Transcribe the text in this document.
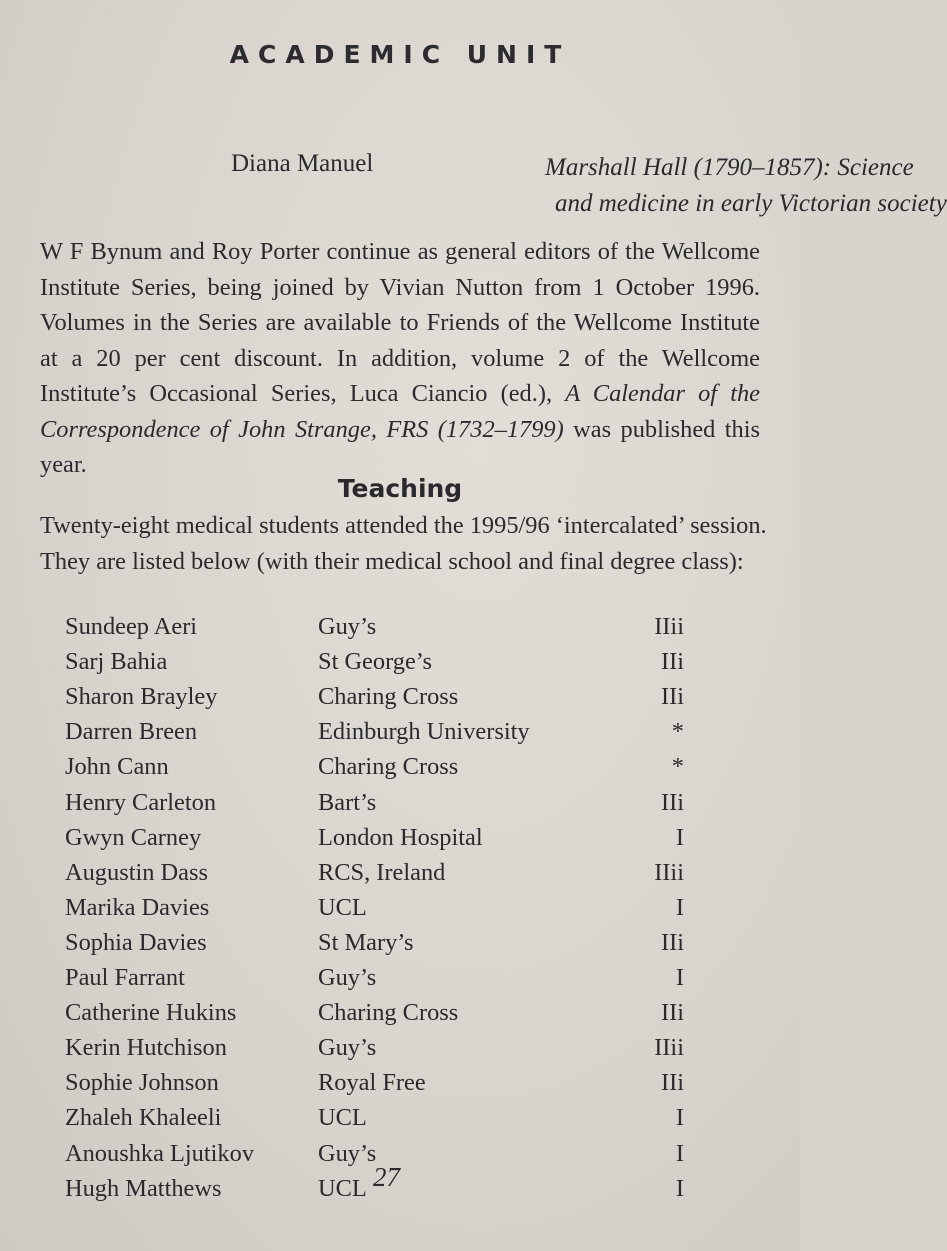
ACADEMIC UNIT
Diana Manuel	Marshall Hall (1790–1857): Science
and medicine in early Victorian society
W F Bynum and Roy Porter continue as general editors of the Wellcome Institute Series, being joined by Vivian Nutton from 1 October 1996. Volumes in the Series are available to Friends of the Wellcome Institute at a 20 per cent discount. In addition, volume 2 of the Wellcome Institute’s Occasional Series, Luca Ciancio (ed.), A Calendar of the Correspondence of John Strange, FRS (1732–1799) was published this year.
Teaching
Twenty-eight medical students attended the 1995/96 ‘intercalated’ session. They are listed below (with their medical school and final degree class):
Sundeep Aeri	Guy’s	IIii
Sarj Bahia	St George’s	IIi
Sharon Brayley	Charing Cross	IIi
Darren Breen	Edinburgh University	*
John Cann	Charing Cross	*
Henry Carleton	Bart’s	IIi
Gwyn Carney	London Hospital	I
Augustin Dass	RCS, Ireland	IIii
Marika Davies	UCL	I
Sophia Davies	St Mary’s	IIi
Paul Farrant	Guy’s	I
Catherine Hukins	Charing Cross	IIi
Kerin Hutchison	Guy’s	IIii
Sophie Johnson	Royal Free	IIi
Zhaleh Khaleeli	UCL	I
Anoushka Ljutikov	Guy’s	I
Hugh Matthews	UCL	I
27
